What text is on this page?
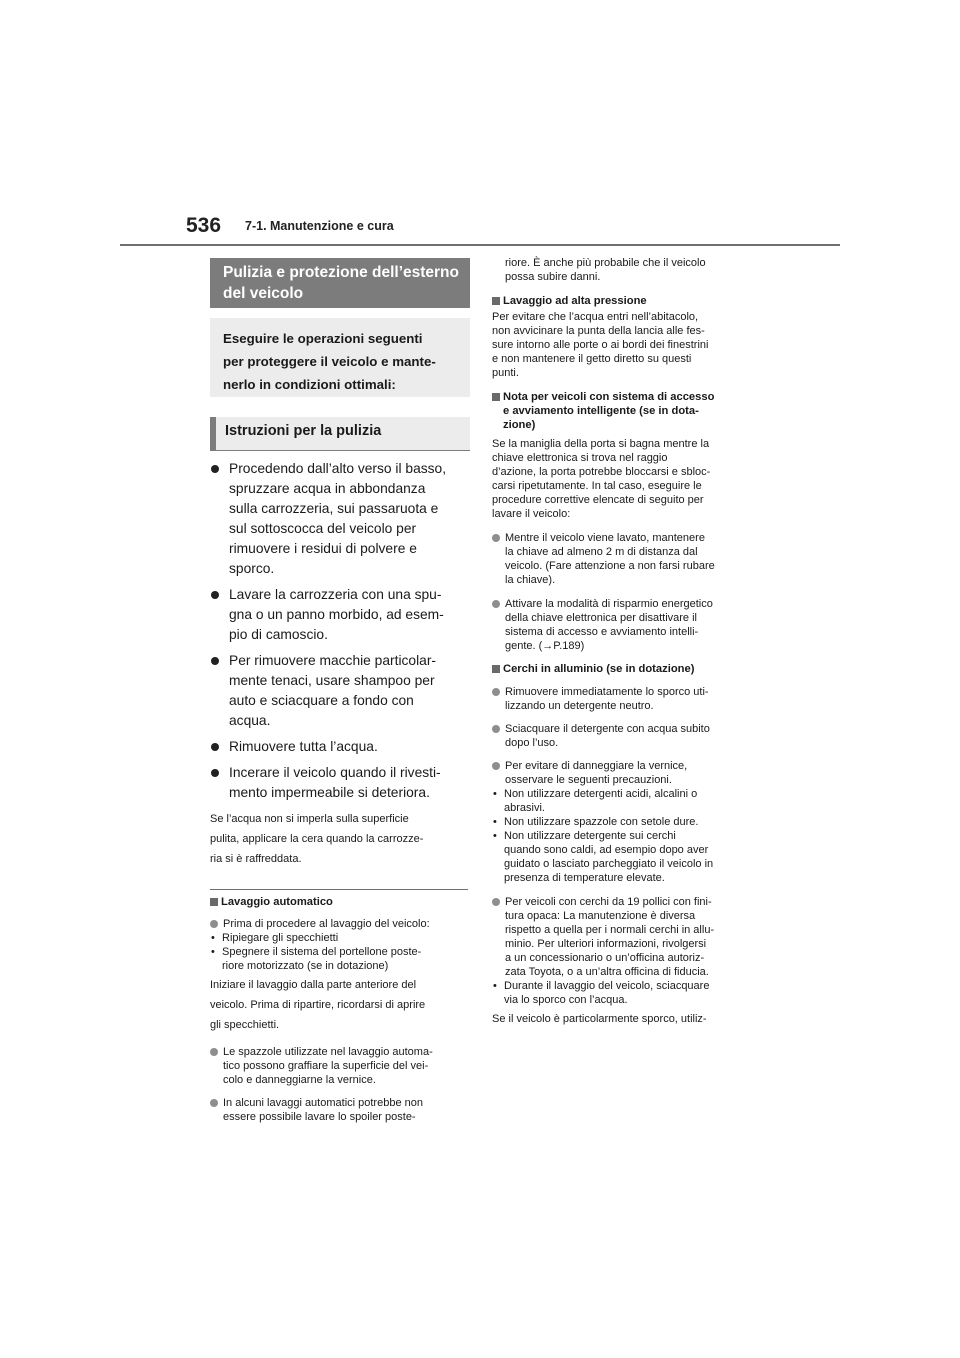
536 7-1. Manutenzione e cura
Pulizia e protezione dell’esterno del veicolo
Eseguire le operazioni seguenti
per proteggere il veicolo e mante-
nerlo in condizioni ottimali:
Istruzioni per la pulizia
Procedendo dall’alto verso il basso,
spruzzare acqua in abbondanza
sulla carrozzeria, sui passaruota e
sul sottoscocca del veicolo per
rimuovere i residui di polvere e
sporco.
Lavare la carrozzeria con una spu-
gna o un panno morbido, ad esem-
pio di camoscio.
Per rimuovere macchie particolar-
mente tenaci, usare shampoo per
auto e sciacquare a fondo con
acqua.
Rimuovere tutta l’acqua.
Incerare il veicolo quando il rivesti-
mento impermeabile si deteriora.
Se l’acqua non si imperla sulla superficie
pulita, applicare la cera quando la carrozze-
ria si è raffreddata.
Lavaggio automatico
Prima di procedere al lavaggio del veicolo:
• Ripiegare gli specchietti
• Spegnere il sistema del portellone poste-
riore motorizzato (se in dotazione)
Iniziare il lavaggio dalla parte anteriore del
veicolo. Prima di ripartire, ricordarsi di aprire
gli specchietti.
Le spazzole utilizzate nel lavaggio automa-
tico possono graffiare la superficie del vei-
colo e danneggiarne la vernice.
In alcuni lavaggi automatici potrebbe non
essere possibile lavare lo spoiler poste-
riore. È anche più probabile che il veicolo
possa subire danni.
Lavaggio ad alta pressione
Per evitare che l’acqua entri nell’abitacolo,
non avvicinare la punta della lancia alle fes-
sure intorno alle porte o ai bordi dei finestrini
e non mantenere il getto diretto su questi
punti.
Nota per veicoli con sistema di accesso
e avviamento intelligente (se in dota-
zione)
Se la maniglia della porta si bagna mentre la
chiave elettronica si trova nel raggio
d’azione, la porta potrebbe bloccarsi e sbloc-
carsi ripetutamente. In tal caso, eseguire le
procedure correttive elencate di seguito per
lavare il veicolo:
Mentre il veicolo viene lavato, mantenere
la chiave ad almeno 2 m di distanza dal
veicolo. (Fare attenzione a non farsi rubare
la chiave).
Attivare la modalità di risparmio energetico
della chiave elettronica per disattivare il
sistema di accesso e avviamento intelli-
gente. (→P.189)
Cerchi in alluminio (se in dotazione)
Rimuovere immediatamente lo sporco uti-
lizzando un detergente neutro.
Sciacquare il detergente con acqua subito
dopo l’uso.
Per evitare di danneggiare la vernice,
osservare le seguenti precauzioni.
• Non utilizzare detergenti acidi, alcalini o
abrasivi.
• Non utilizzare spazzole con setole dure.
• Non utilizzare detergente sui cerchi
quando sono caldi, ad esempio dopo aver
guidato o lasciato parcheggiato il veicolo in
presenza di temperature elevate.
Per veicoli con cerchi da 19 pollici con fini-
tura opaca: La manutenzione è diversa
rispetto a quella per i normali cerchi in allu-
minio. Per ulteriori informazioni, rivolgersi
a un concessionario o un’officina autoriz-
zata Toyota, o a un’altra officina di fiducia.
• Durante il lavaggio del veicolo, sciacquare
via lo sporco con l’acqua.
Se il veicolo è particolarmente sporco, utiliz-
